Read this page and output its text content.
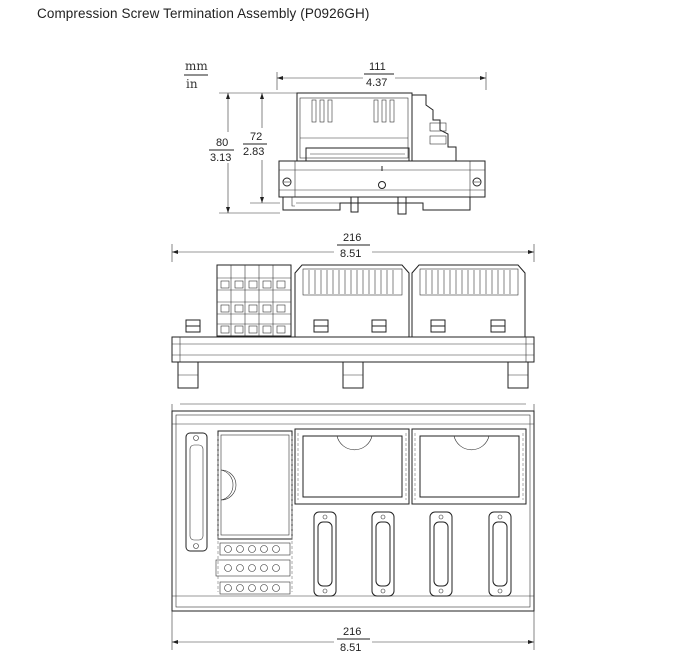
Compression Screw Termination Assembly (P0926GH)
mm
in
111
4.37
80
3.13
72
2.83
216
8.51
216
8.51
